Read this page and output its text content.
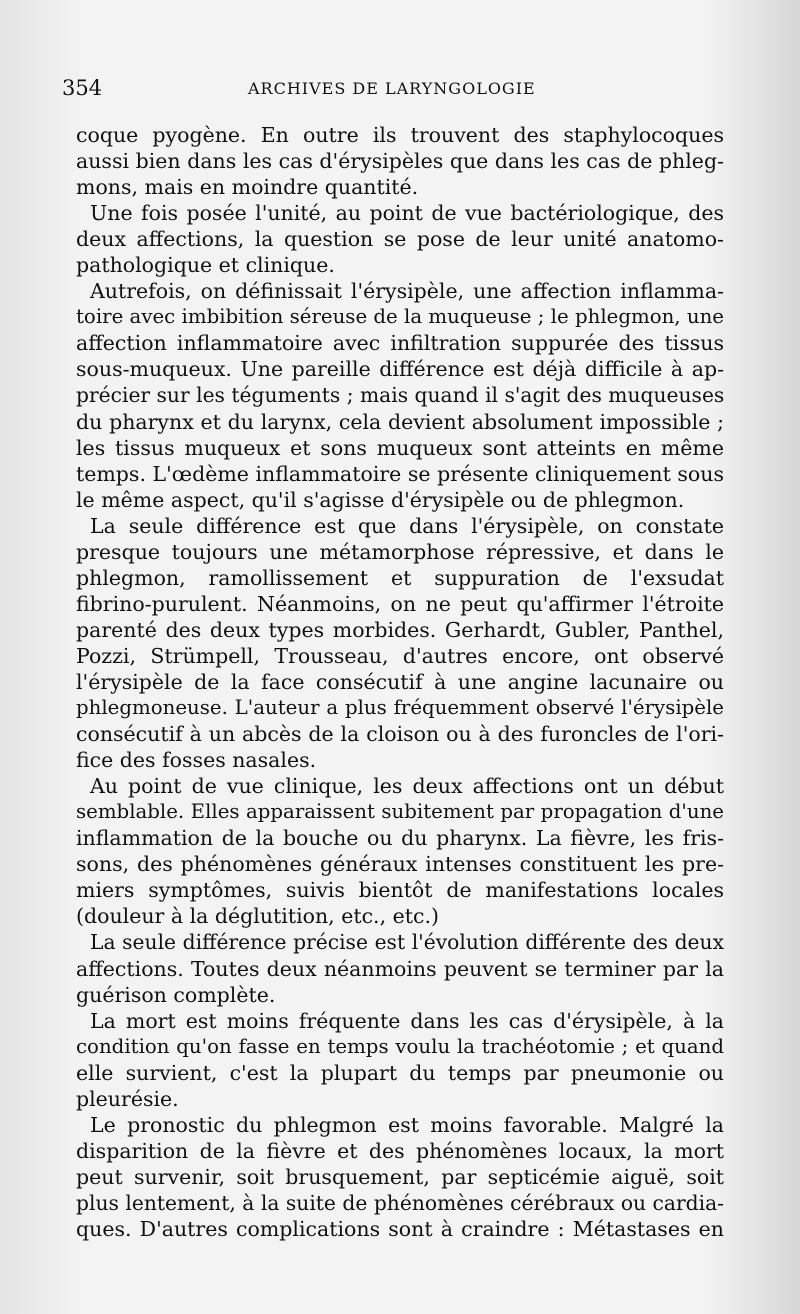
354	ARCHIVES DE LARYNGOLOGIE
coque pyogène. En outre ils trouvent des staphylocoques
aussi bien dans les cas d'érysipèles que dans les cas de phleg-
mons, mais en moindre quantité.
Une fois posée l'unité, au point de vue bactériologique, des
deux affections, la question se pose de leur unité anatomo-
pathologique et clinique.
Autrefois, on définissait l'érysipèle, une affection inflamma-
toire avec imbibition séreuse de la muqueuse ; le phlegmon, une
affection inflammatoire avec infiltration suppurée des tissus
sous-muqueux. Une pareille différence est déjà difficile à ap-
précier sur les téguments ; mais quand il s'agit des muqueuses
du pharynx et du larynx, cela devient absolument impossible ;
les tissus muqueux et sons muqueux sont atteints en même
temps. L'œdème inflammatoire se présente cliniquement sous
le même aspect, qu'il s'agisse d'érysipèle ou de phlegmon.
La seule différence est que dans l'érysipèle, on constate
presque toujours une métamorphose répressive, et dans le
phlegmon, ramollissement et suppuration de l'exsudat
fibrino-purulent. Néanmoins, on ne peut qu'affirmer l'étroite
parenté des deux types morbides. Gerhardt, Gubler, Panthel,
Pozzi, Strümpell, Trousseau, d'autres encore, ont observé
l'érysipèle de la face consécutif à une angine lacunaire ou
phlegmoneuse. L'auteur a plus fréquemment observé l'érysipèle
consécutif à un abcès de la cloison ou à des furoncles de l'ori-
fice des fosses nasales.
Au point de vue clinique, les deux affections ont un début
semblable. Elles apparaissent subitement par propagation d'une
inflammation de la bouche ou du pharynx. La fièvre, les fris-
sons, des phénomènes généraux intenses constituent les pre-
miers symptômes, suivis bientôt de manifestations locales
(douleur à la déglutition, etc., etc.)
La seule différence précise est l'évolution différente des deux
affections. Toutes deux néanmoins peuvent se terminer par la
guérison complète.
La mort est moins fréquente dans les cas d'érysipèle, à la
condition qu'on fasse en temps voulu la trachéotomie ; et quand
elle survient, c'est la plupart du temps par pneumonie ou
pleurésie.
Le pronostic du phlegmon est moins favorable. Malgré la
disparition de la fièvre et des phénomènes locaux, la mort
peut survenir, soit brusquement, par septicémie aiguë, soit
plus lentement, à la suite de phénomènes cérébraux ou cardia-
ques. D'autres complications sont à craindre : Métastases en
